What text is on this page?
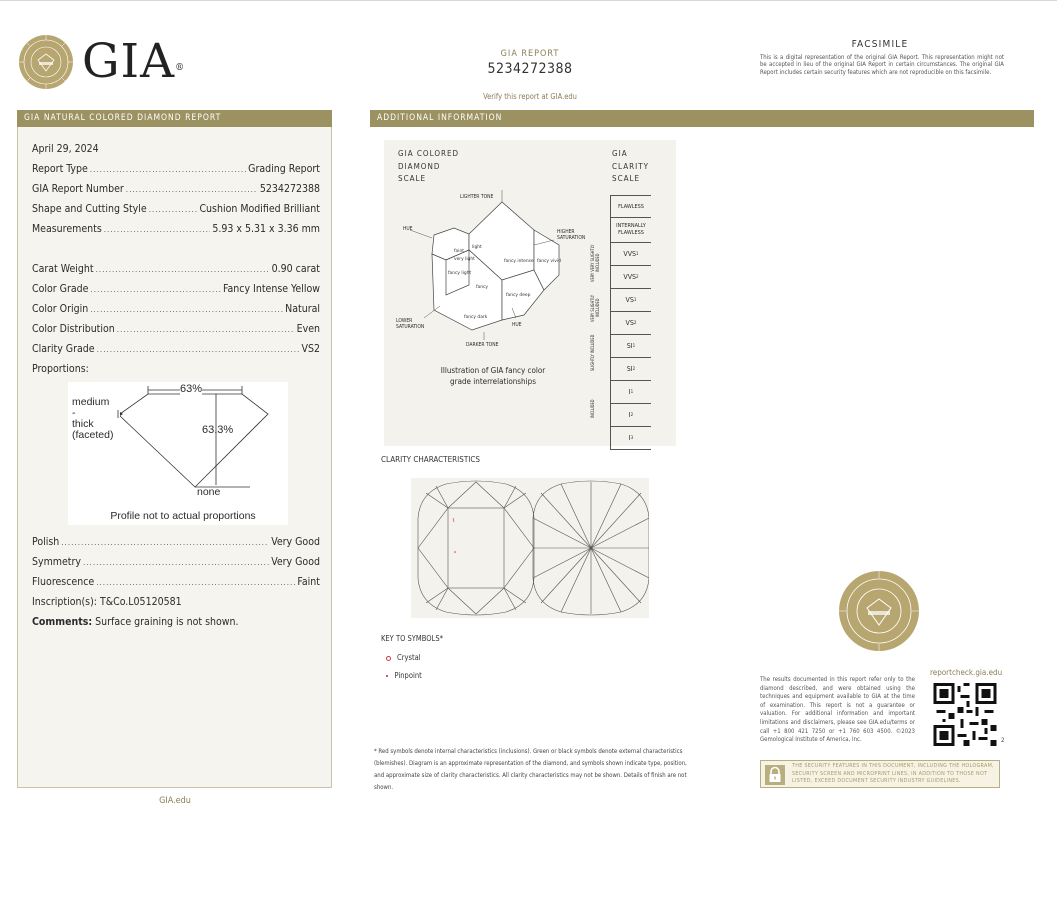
GIA®
GIA REPORT
5234272388
Verify this report at GIA.edu
FACSIMILE
This is a digital representation of the original GIA Report. This representation might not be accepted in lieu of the original GIA Report in certain circumstances. The original GIA Report includes certain security features which are not reproducible on this facsimile.
GIA NATURAL COLORED DIAMOND REPORT
April 29, 2024
Report Type .....	Grading Report
GIA Report Number .....	5234272388
Shape and Cutting Style .....	Cushion Modified Brilliant
Measurements .....	5.93 x 5.31 x 3.36 mm
Carat Weight .....	0.90 carat
Color Grade .....	Fancy Intense Yellow
Color Origin .....	Natural
Color Distribution .....	Even
Clarity Grade .....	VS2
Proportions:
63%
63.3%
medium
-
thick
(faceted)
none
Profile not to actual proportions
Polish .....	Very Good
Symmetry .....	Very Good
Fluorescence .....	Faint
Inscription(s): T&Co.L05120581
Comments: Surface graining is not shown.
GIA.edu
ADDITIONAL INFORMATION
GIA COLORED
DIAMOND
SCALE
GIA
CLARITY
SCALE
faint
very light
light
fancy light
fancy
fancy intense fancy vivid
fancy deep
fancy dark
LIGHTER TONE
DARKER TONE
HUE
HUE
HIGHER
SATURATION
LOWER
SATURATION
Illustration of GIA fancy color
grade interrelationships
FLAWLESS
INTERNALLY FLAWLESS
VVS 1
VVS 2
VS 1
VS 2
SI 1
SI 2
I 1
I 2
I 3
VERY VERY SLIGHTLY INCLUDED
VERY SLIGHTLY INCLUDED
SLIGHTLY INCLUDED
INCLUDED
CLARITY CHARACTERISTICS
KEY TO SYMBOLS*
Crystal
Pinpoint
* Red symbols denote internal characteristics (inclusions). Green or black symbols denote external characteristics (blemishes). Diagram is an approximate representation of the diamond, and symbols shown indicate type, position, and approximate size of clarity characteristics. All clarity characteristics may not be shown. Details of finish are not shown.
reportcheck.gia.edu
The results documented in this report refer only to the diamond described, and were obtained using the techniques and equipment available to GIA at the time of examination. This report is not a guarantee or valuation. For additional information and important limitations and disclaimers, please see GIA.edu/terms or call +1 800 421 7250 or +1 760 603 4500. ©2023 Gemological Institute of America, Inc.	2
THE SECURITY FEATURES IN THIS DOCUMENT, INCLUDING THE HOLOGRAM, SECURITY SCREEN AND MICROPRINT LINES, IN ADDITION TO THOSE NOT LISTED, EXCEED DOCUMENT SECURITY INDUSTRY GUIDELINES.
